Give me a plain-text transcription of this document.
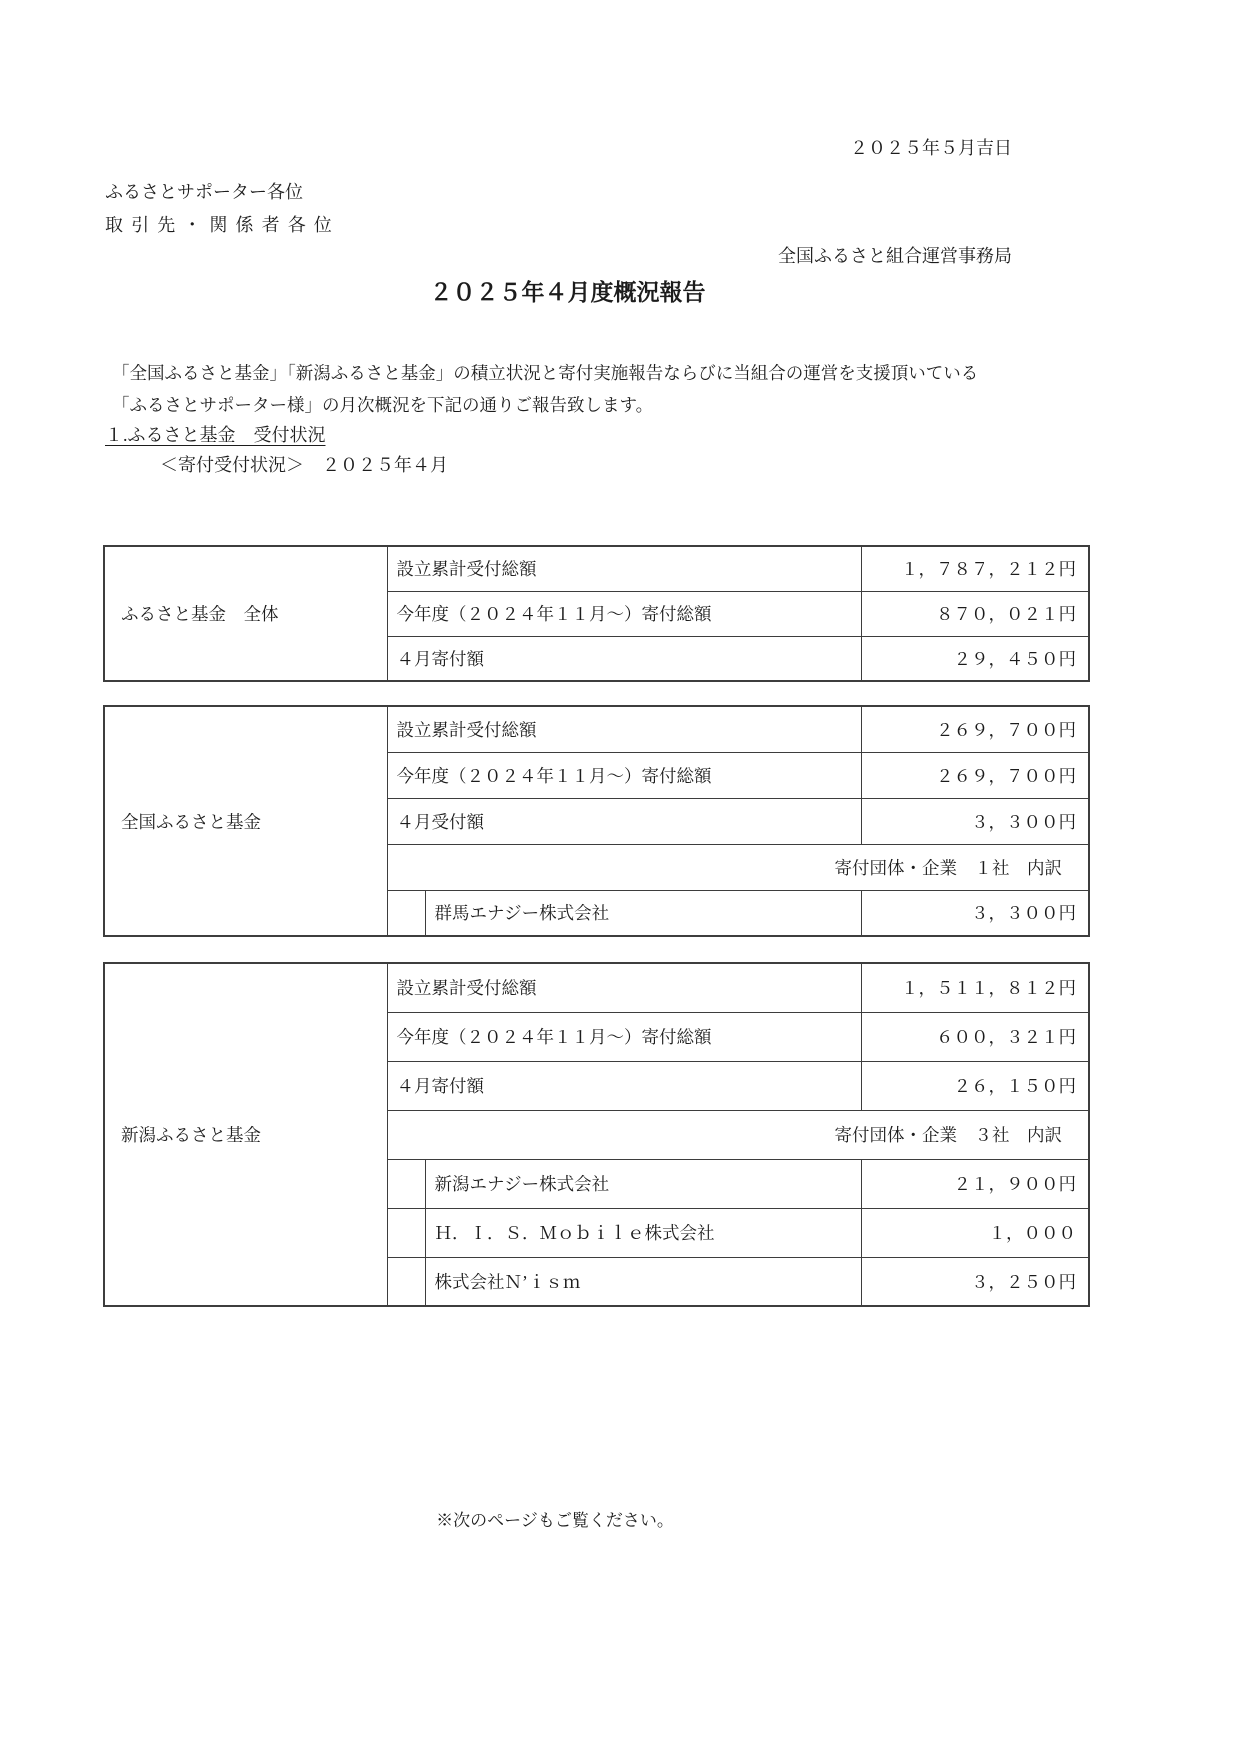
２０２５年５月吉日
ふるさとサポーター各位
取引先・関係者各位
全国ふるさと組合運営事務局
２０２５年４月度概況報告
「全国ふるさと基金」「新潟ふるさと基金」の積立状況と寄付実施報告ならびに当組合の運営を支援頂いている
「ふるさとサポーター様」の月次概況を下記の通りご報告致します。
１.ふるさと基金　受付状況
＜寄付受付状況＞　２０２５年４月
ふるさと基金　全体	設立累計受付総額	１，７８７，２１２円
	今年度（２０２４年１１月～）寄付総額	８７０，０２１円
	４月寄付額	２９，４５０円
全国ふるさと基金	設立累計受付総額		２６９，７００円
	今年度（２０２４年１１月～）寄付総額		２６９，７００円
	４月受付額		３，３００円
	寄付団体・企業　１社　内訳		
		群馬エナジー株式会社	３，３００円
新潟ふるさと基金	設立累計受付総額		１，５１１，８１２円
	今年度（２０２４年１１月～）寄付総額		６００，３２１円
	４月寄付額		２６，１５０円
	寄付団体・企業　３社　内訳		
		新潟エナジー株式会社	２１，９００円
		Ｈ．Ｉ．Ｓ．Ｍｏｂｉｌｅ株式会社	１，０００
		株式会社Ｎ’ｉｓｍ	３，２５０円
※次のページもご覧ください。
